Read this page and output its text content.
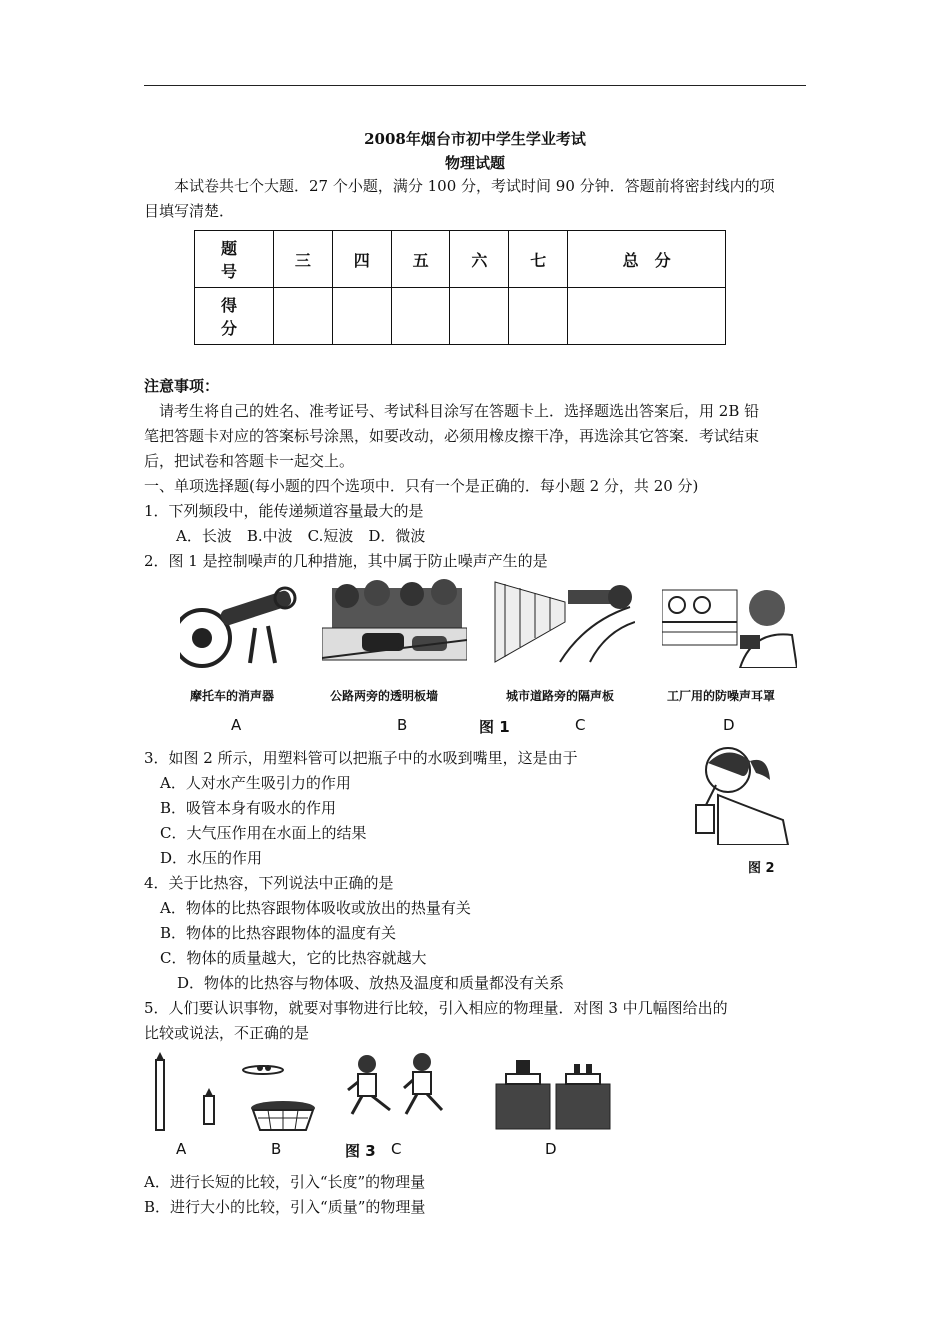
2008年烟台市初中学生学业考试
物理试题
本试卷共七个大题．27 个小题，满分 100 分，考试时间 90 分钟．答题前将密封线内的项
目填写清楚．
题　号	三	四	五	六	七	总　分
得　分						
注意事项：
请考生将自己的姓名、准考证号、考试科目涂写在答题卡上．选择题选出答案后，用 2B 铅
笔把答题卡对应的答案标号涂黑，如要改动，必须用橡皮擦干净，再选涂其它答案．考试结束
后，把试卷和答题卡一起交上。
一、单项选择题(每小题的四个选项中．只有一个是正确的．每小题 2 分，共 20 分)
1．下列频段中，能传递频道容量最大的是
A．长波　B.中波　C.短波　D．微波
2．图 1 是控制噪声的几种措施，其中属于防止噪声产生的是
摩托车的消声器	公路两旁的透明板墙	城市道路旁的隔声板	工厂用的防噪声耳罩
A	B	图 1	C	D
3．如图 2 所示，用塑料管可以把瓶子中的水吸到嘴里，这是由于
A．人对水产生吸引力的作用
B．吸管本身有吸水的作用
C．大气压作用在水面上的结果
D．水压的作用
图 2
4．关于比热容，下列说法中正确的是
A．物体的比热容跟物体吸收或放出的热量有关
B．物体的比热容跟物体的温度有关
C．物体的质量越大，它的比热容就越大
D．物体的比热容与物体吸、放热及温度和质量都没有关系
5．人们要认识事物，就要对事物进行比较，引入相应的物理量．对图 3 中几幅图给出的
比较或说法，不正确的是
A	B	图 3 C	D
A．进行长短的比较，引入“长度”的物理量
B．进行大小的比较，引入“质量”的物理量
